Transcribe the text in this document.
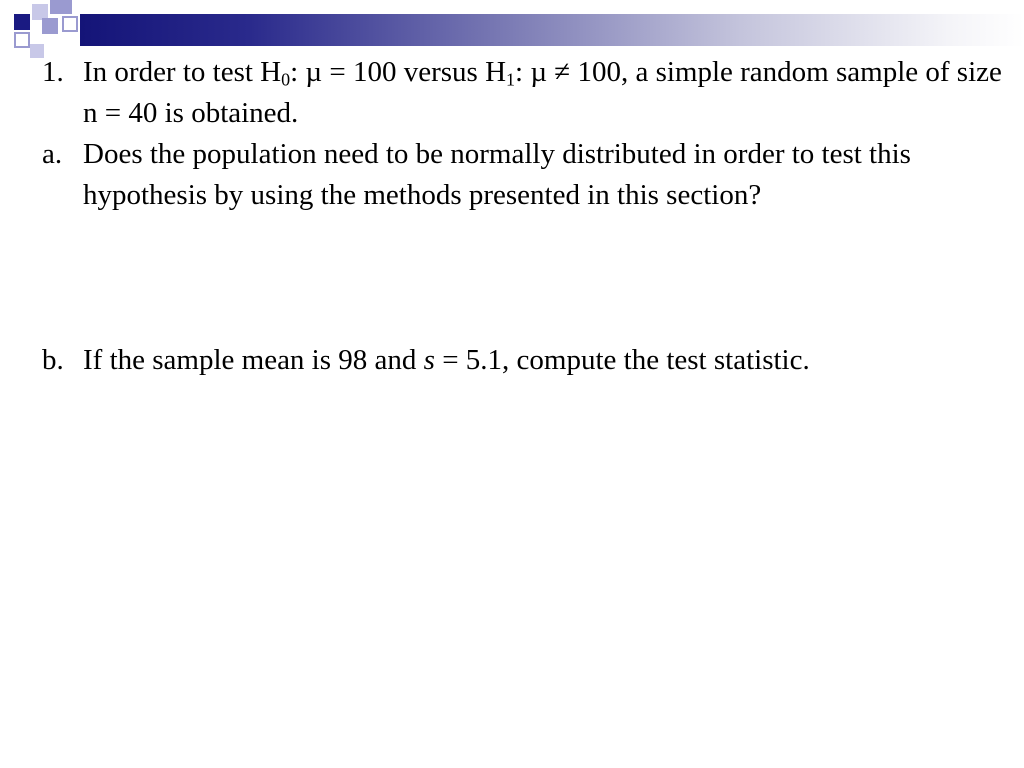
1. In order to test $H_0$: µ = 100 versus $H_1$: µ ≠ 100, a simple random sample of size n = 40 is obtained.
a. Does the population need to be normally distributed in order to test this hypothesis by using the methods presented in this section?
b. If the sample mean is 98 and s = 5.1, compute the test statistic.
